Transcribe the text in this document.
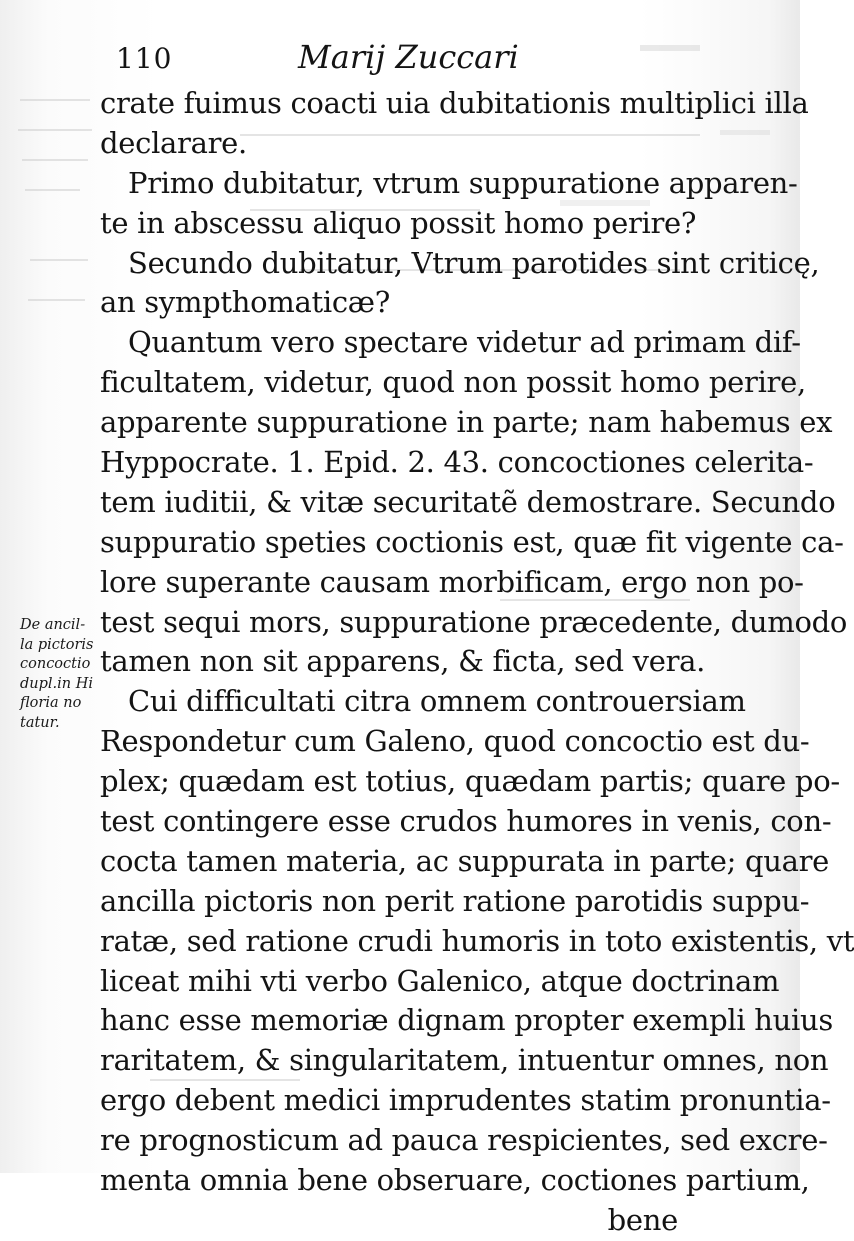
110	Marij Zuccari
De ancil-
la pictoris
concoctio
dupl.in Hi
floria no
tatur.
crate fuimus coacti uia dubitationis multiplici illa
declarare.
Primo dubitatur, vtrum suppuratione apparen-
te in abscessu aliquo possit homo perire?
Secundo dubitatur, Vtrum parotides sint criticę,
an sympthomaticæ?
Quantum vero spectare videtur ad primam dif-
ficultatem, videtur, quod non possit homo perire,
apparente suppuratione in parte; nam habemus ex
Hyppocrate. 1. Epid. 2. 43. concoctiones celerita-
tem iuditii, & vitæ securitatẽ demostrare. Secundo
suppuratio speties coctionis est, quæ fit vigente ca-
lore superante causam morbificam, ergo non po-
test sequi mors, suppuratione præcedente, dumodo
tamen non sit apparens, & ficta, sed vera.
Cui difficultati citra omnem controuersiam
Respondetur cum Galeno, quod concoctio est du-
plex; quædam est totius, quædam partis; quare po-
test contingere esse crudos humores in venis, con-
cocta tamen materia, ac suppurata in parte; quare
ancilla pictoris non perit ratione parotidis suppu-
ratæ, sed ratione crudi humoris in toto existentis, vt
liceat mihi vti verbo Galenico, atque doctrinam
hanc esse memoriæ dignam propter exempli huius
raritatem, & singularitatem, intuentur omnes, non
ergo debent medici imprudentes statim pronuntia-
re prognosticum ad pauca respicientes, sed excre-
menta omnia bene obseruare, coctiones partium,
bene
